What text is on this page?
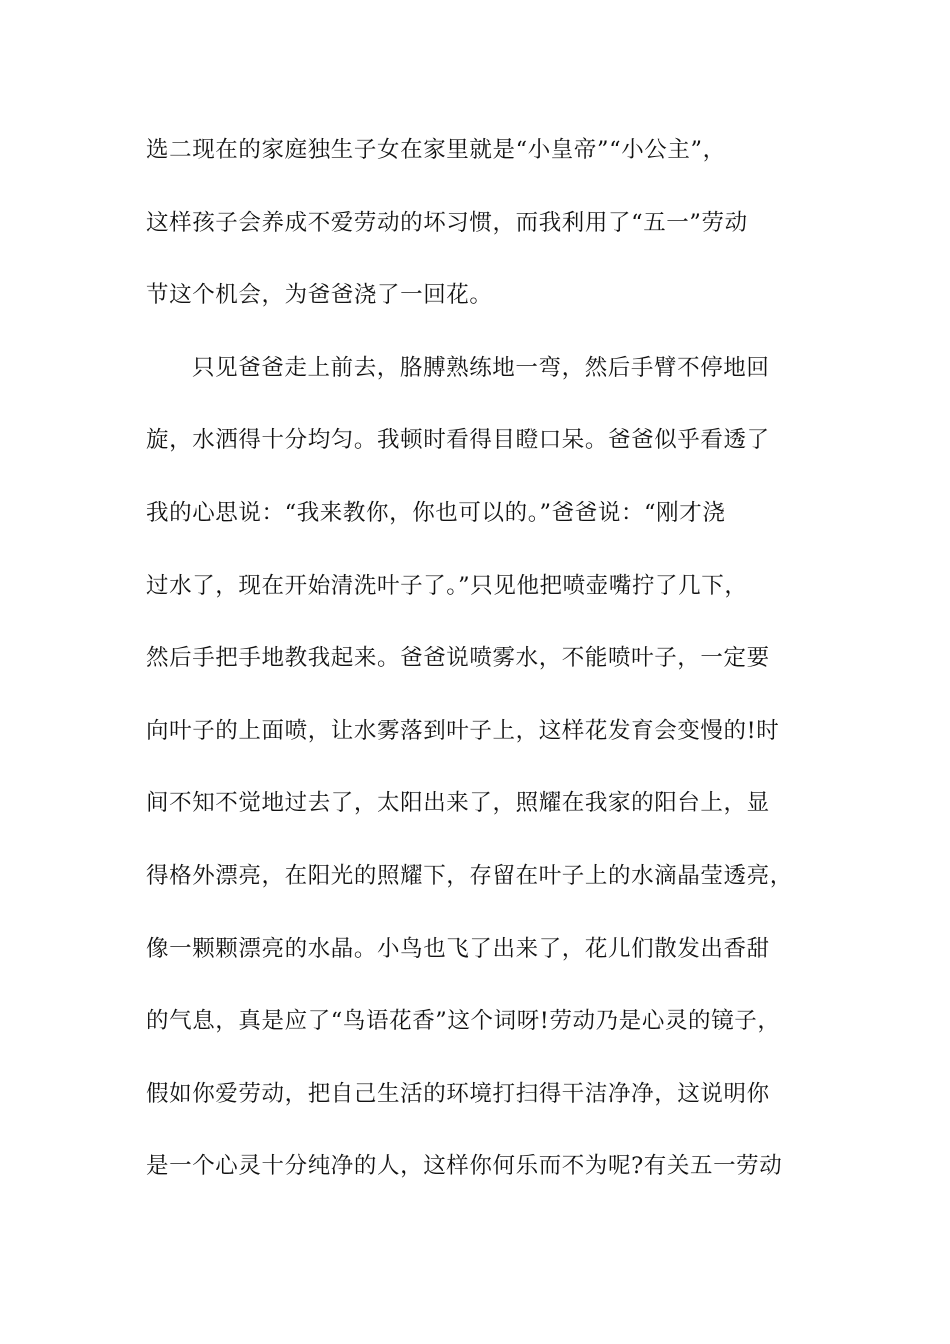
选二现在的家庭独生子女在家里就是“小皇帝”“小公主”，
这样孩子会养成不爱劳动的坏习惯，而我利用了“五一”劳动
节这个机会，为爸爸浇了一回花。
只见爸爸走上前去，胳膊熟练地一弯，然后手臂不停地回
旋，水洒得十分均匀。我顿时看得目瞪口呆。爸爸似乎看透了
我的心思说：“我来教你，你也可以的。”爸爸说：“刚才浇
过水了，现在开始清洗叶子了。”只见他把喷壶嘴拧了几下，
然后手把手地教我起来。爸爸说喷雾水，不能喷叶子，一定要
向叶子的上面喷，让水雾落到叶子上，这样花发育会变慢的!时
间不知不觉地过去了，太阳出来了，照耀在我家的阳台上，显
得格外漂亮，在阳光的照耀下，存留在叶子上的水滴晶莹透亮，
像一颗颗漂亮的水晶。小鸟也飞了出来了，花儿们散发出香甜
的气息，真是应了“鸟语花香”这个词呀!劳动乃是心灵的镜子，
假如你爱劳动，把自己生活的环境打扫得干洁净净，这说明你
是一个心灵十分纯净的人，这样你何乐而不为呢?有关五一劳动
